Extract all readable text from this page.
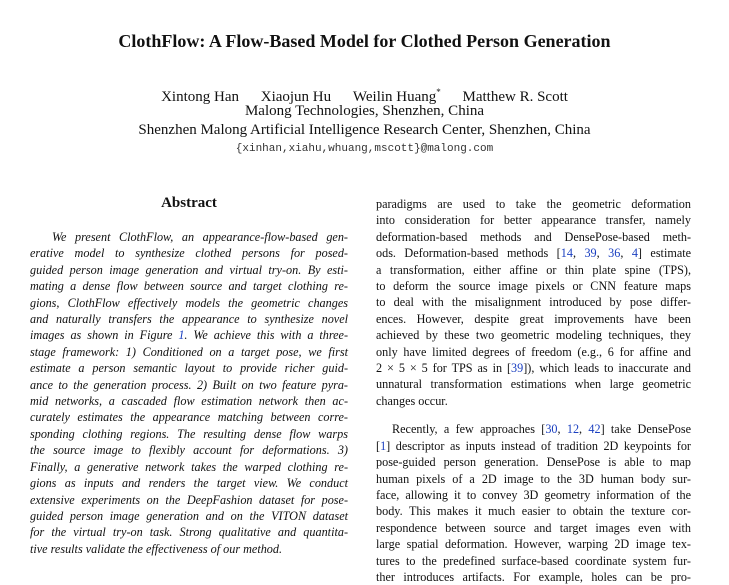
ClothFlow: A Flow-Based Model for Clothed Person Generation
Xintong Han Xiaojun Hu Weilin Huang* Matthew R. Scott
Malong Technologies, Shenzhen, China
Shenzhen Malong Artificial Intelligence Research Center, Shenzhen, China
{xinhan,xiahu,whuang,mscott}@malong.com
Abstract
We present ClothFlow, an appearance-flow-based gen-
erative model to synthesize clothed persons for posed-
guided person image generation and virtual try-on. By esti-
mating a dense flow between source and target clothing re-
gions, ClothFlow effectively models the geometric changes
and naturally transfers the appearance to synthesize novel
images as shown in Figure 1. We achieve this with a three-
stage framework: 1) Conditioned on a target pose, we first
estimate a person semantic layout to provide richer guid-
ance to the generation process. 2) Built on two feature pyra-
mid networks, a cascaded flow estimation network then ac-
curately estimates the appearance matching between corre-
sponding clothing regions. The resulting dense flow warps
the source image to flexibly account for deformations. 3)
Finally, a generative network takes the warped clothing re-
gions as inputs and renders the target view. We conduct
extensive experiments on the DeepFashion dataset for pose-
guided person image generation and on the VITON dataset
for the virtual try-on task. Strong qualitative and quantita-
tive results validate the effectiveness of our method.
paradigms are used to take the geometric deformation
into consideration for better appearance transfer, namely
deformation-based methods and DensePose-based meth-
ods. Deformation-based methods [14, 39, 36, 4] estimate
a transformation, either affine or thin plate spine (TPS),
to deform the source image pixels or CNN feature maps
to deal with the misalignment introduced by pose differ-
ences. However, despite great improvements have been
achieved by these two geometric modeling techniques, they
only have limited degrees of freedom (e.g., 6 for affine and
2 × 5 × 5 for TPS as in [39]), which leads to inaccurate and
unnatural transformation estimations when large geometric
changes occur.
Recently, a few approaches [30, 12, 42] take DensePose
[1] descriptor as inputs instead of tradition 2D keypoints for
pose-guided person generation. DensePose is able to map
human pixels of a 2D image to the 3D human body sur-
face, allowing it to convey 3D geometry information of the
body. This makes it much easier to obtain the texture cor-
respondence between source and target images even with
large spatial deformation. However, warping 2D image tex-
tures to the predefined surface-based coordinate system fur-
ther introduces artifacts. For example, holes can be pro-
